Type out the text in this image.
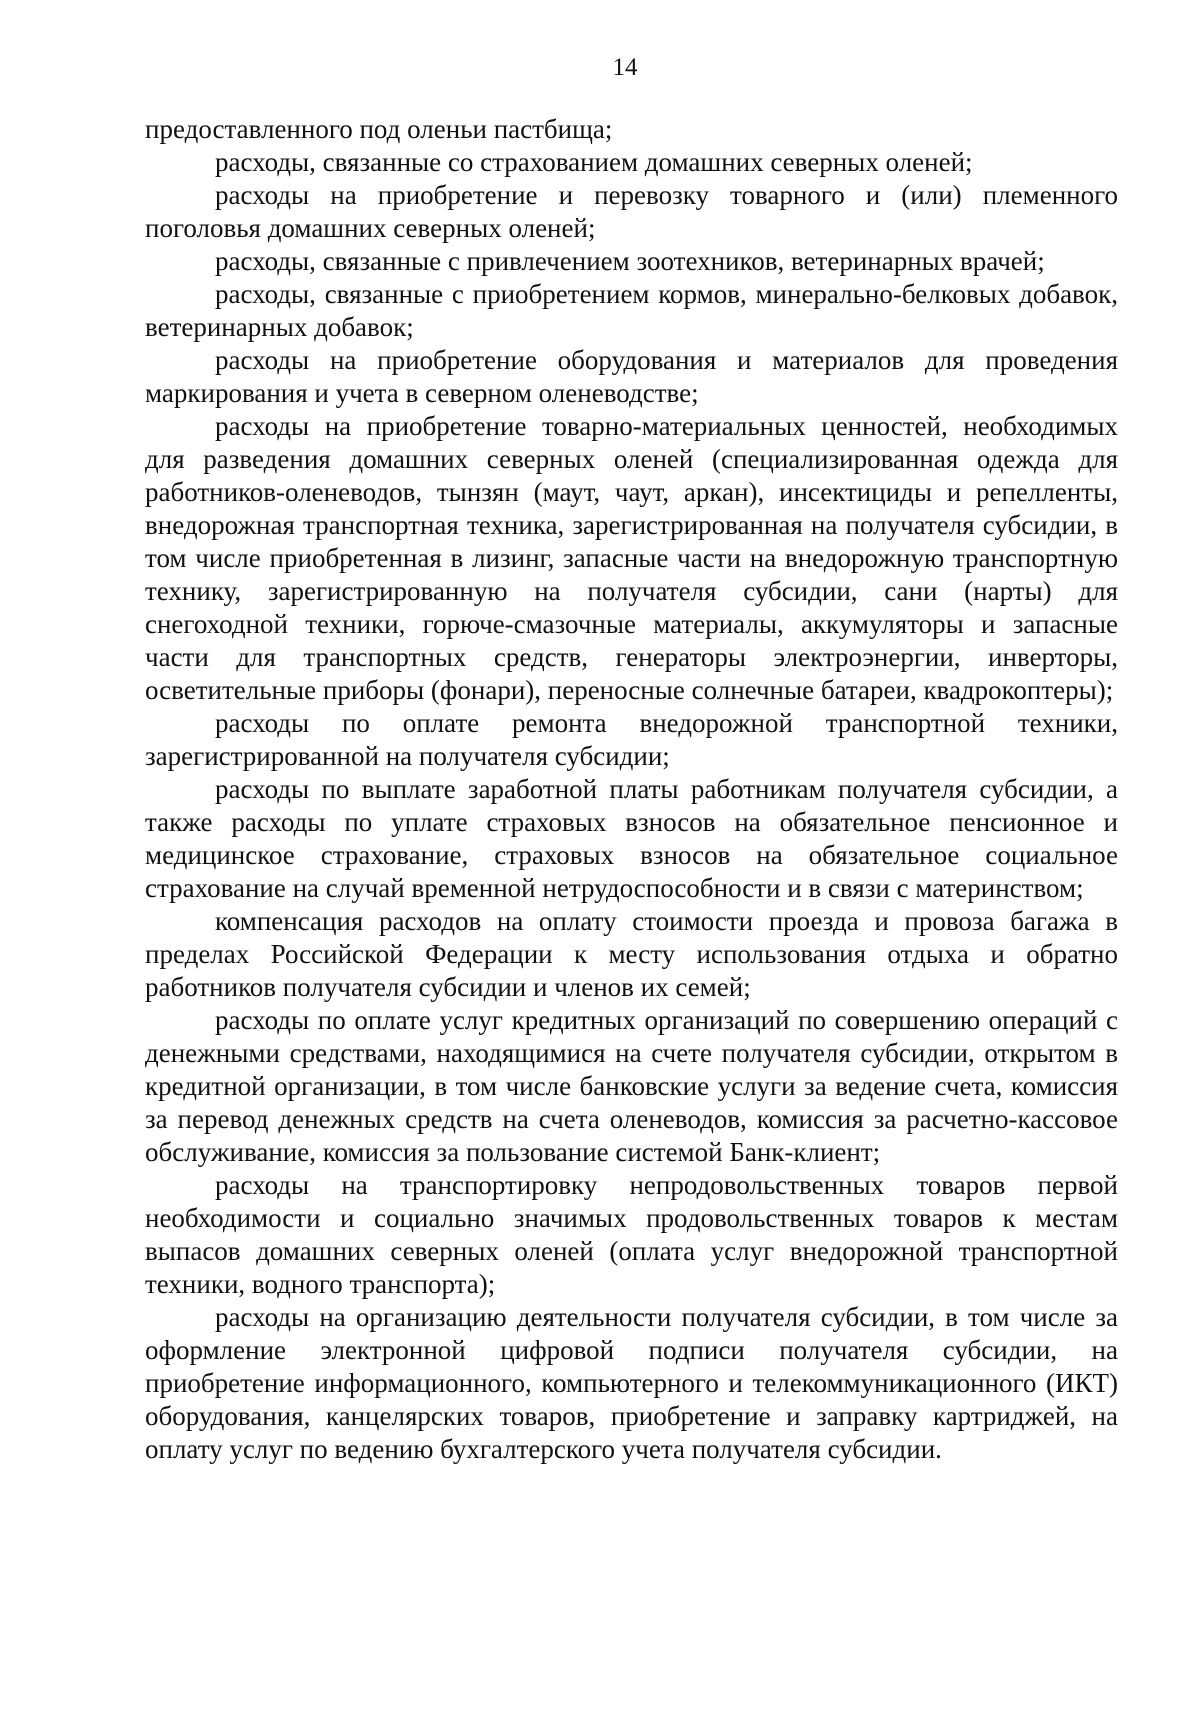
14

предоставленного под оленьи пастбища;

расходы, связанные со страхованием домашних северных оленей;

расходы на приобретение и перевозку товарного и (или) племенного поголовья домашних северных оленей;

расходы, связанные с привлечением зоотехников, ветеринарных врачей;

расходы, связанные с приобретением кормов, минерально-белковых добавок, ветеринарных добавок;

расходы на приобретение оборудования и материалов для проведения маркирования и учета в северном оленеводстве;

расходы на приобретение товарно-материальных ценностей, необходимых для разведения домашних северных оленей (специализированная одежда для работников-оленеводов, тынзян (маут, чаут, аркан), инсектициды и репелленты, внедорожная транспортная техника, зарегистрированная на получателя субсидии, в том числе приобретенная в лизинг, запасные части на внедорожную транспортную технику, зарегистрированную на получателя субсидии, сани (нарты) для снегоходной техники, горюче-смазочные материалы, аккумуляторы и запасные части для транспортных средств, генераторы электроэнергии, инверторы, осветительные приборы (фонари), переносные солнечные батареи, квадрокоптеры);

расходы по оплате ремонта внедорожной транспортной техники, зарегистрированной на получателя субсидии;

расходы по выплате заработной платы работникам получателя субсидии, а также расходы по уплате страховых взносов на обязательное пенсионное и медицинское страхование, страховых взносов на обязательное социальное страхование на случай временной нетрудоспособности и в связи с материнством;

компенсация расходов на оплату стоимости проезда и провоза багажа в пределах Российской Федерации к месту использования отдыха и обратно работников получателя субсидии и членов их семей;

расходы по оплате услуг кредитных организаций по совершению операций с денежными средствами, находящимися на счете получателя субсидии, открытом в кредитной организации, в том числе банковские услуги за ведение счета, комиссия за перевод денежных средств на счета оленеводов, комиссия за расчетно-кассовое обслуживание, комиссия за пользование системой Банк-клиент;

расходы на транспортировку непродовольственных товаров первой необходимости и социально значимых продовольственных товаров к местам выпасов домашних северных оленей (оплата услуг внедорожной транспортной техники, водного транспорта);

расходы на организацию деятельности получателя субсидии, в том числе за оформление электронной цифровой подписи получателя субсидии, на приобретение информационного, компьютерного и телекоммуникационного (ИКТ) оборудования, канцелярских товаров, приобретение и заправку картриджей, на оплату услуг по ведению бухгалтерского учета получателя субсидии.
